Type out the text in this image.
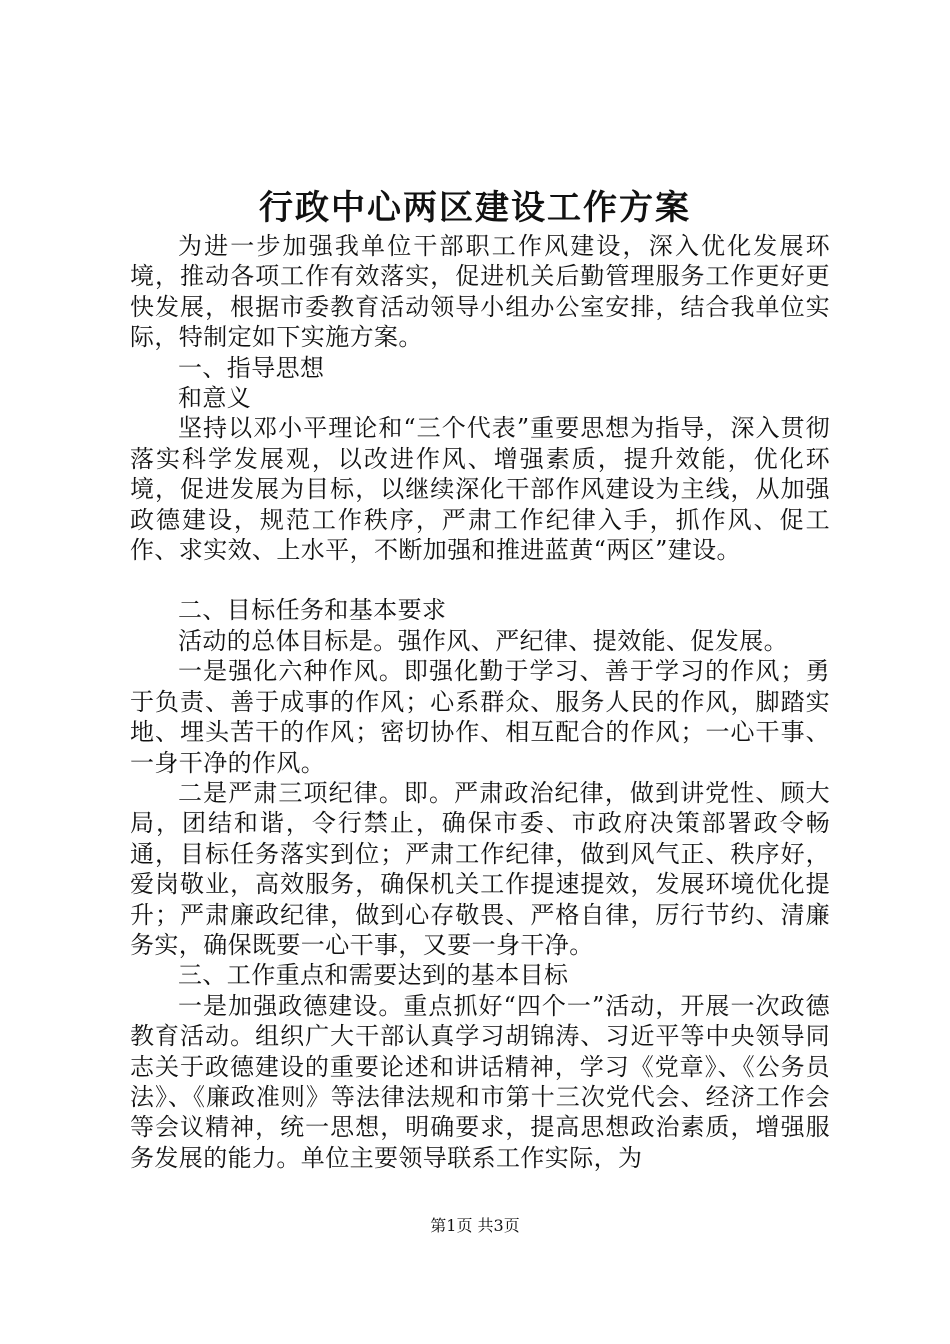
行政中心两区建设工作方案

为进一步加强我单位干部职工作风建设，深入优化发展环境，推动各项工作有效落实，促进机关后勤管理服务工作更好更快发展，根据市委教育活动领导小组办公室安排，结合我单位实际，特制定如下实施方案。

一、指导思想

和意义

坚持以邓小平理论和“三个代表”重要思想为指导，深入贯彻落实科学发展观，以改进作风、增强素质，提升效能，优化环境，促进发展为目标，以继续深化干部作风建设为主线，从加强政德建设，规范工作秩序，严肃工作纪律入手，抓作风、促工作、求实效、上水平，不断加强和推进蓝黄“两区”建设。

二、目标任务和基本要求

活动的总体目标是。强作风、严纪律、提效能、促发展。

一是强化六种作风。即强化勤于学习、善于学习的作风；勇于负责、善于成事的作风；心系群众、服务人民的作风，脚踏实地、埋头苦干的作风；密切协作、相互配合的作风；一心干事、一身干净的作风。

二是严肃三项纪律。即。严肃政治纪律，做到讲党性、顾大局，团结和谐，令行禁止，确保市委、市政府决策部署政令畅通，目标任务落实到位；严肃工作纪律，做到风气正、秩序好，爱岗敬业，高效服务，确保机关工作提速提效，发展环境优化提升；严肃廉政纪律，做到心存敬畏、严格自律，厉行节约、清廉务实，确保既要一心干事，又要一身干净。

三、工作重点和需要达到的基本目标

一是加强政德建设。重点抓好“四个一”活动，开展一次政德教育活动。组织广大干部认真学习胡锦涛、习近平等中央领导同志关于政德建设的重要论述和讲话精神，学习《党章》、《公务员法》、《廉政准则》等法律法规和市第十三次党代会、经济工作会等会议精神，统一思想，明确要求，提高思想政治素质，增强服务发展的能力。单位主要领导联系工作实际，为

第1页 共3页
